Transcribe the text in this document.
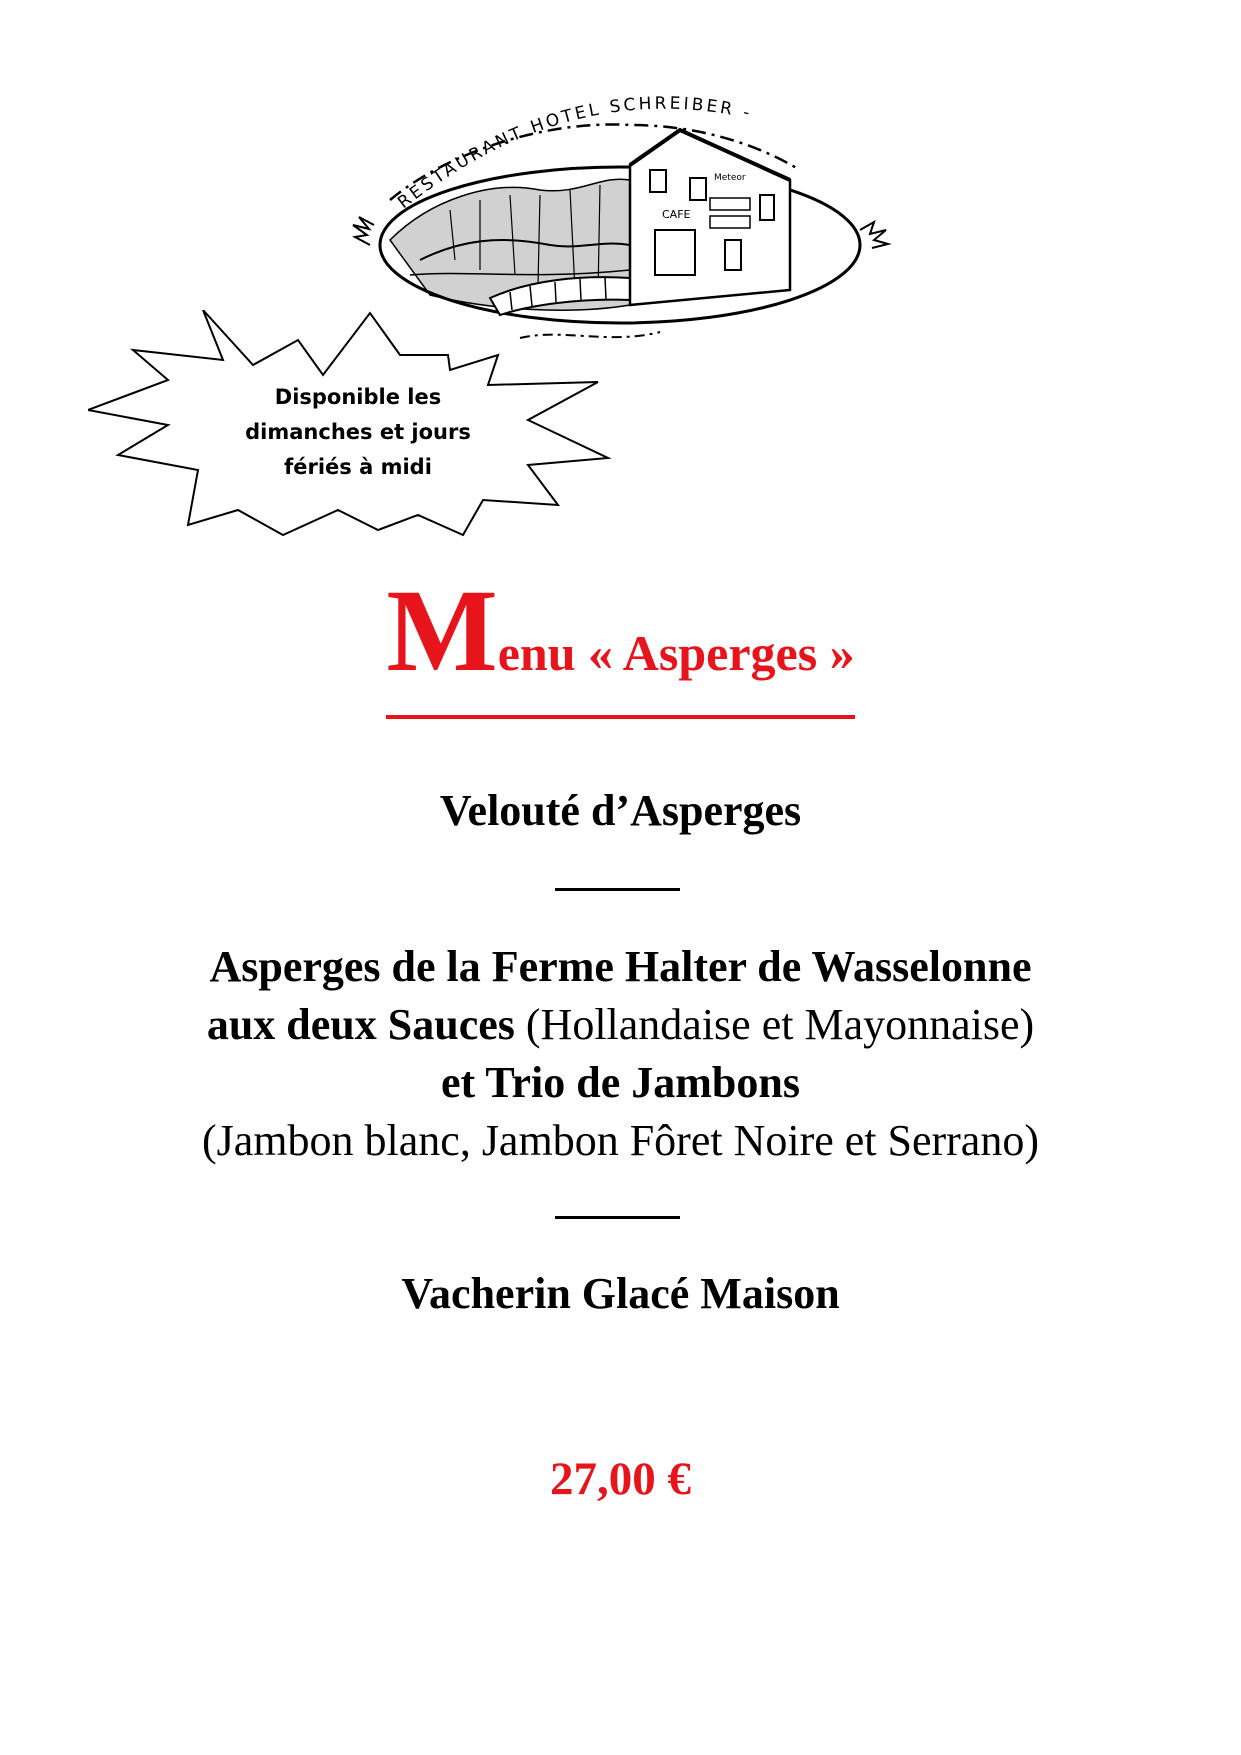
RESTAURANT HOTEL SCHREIBER -
CAFE
Meteor
Disponible les
dimanches et jours
fériés à midi
Menu « Asperges »
Velouté d’Asperges
Asperges de la Ferme Halter de Wasselonne
aux deux Sauces (Hollandaise et Mayonnaise)
et Trio de Jambons
(Jambon blanc, Jambon Fôret Noire et Serrano)
Vacherin Glacé Maison
27,00 €
